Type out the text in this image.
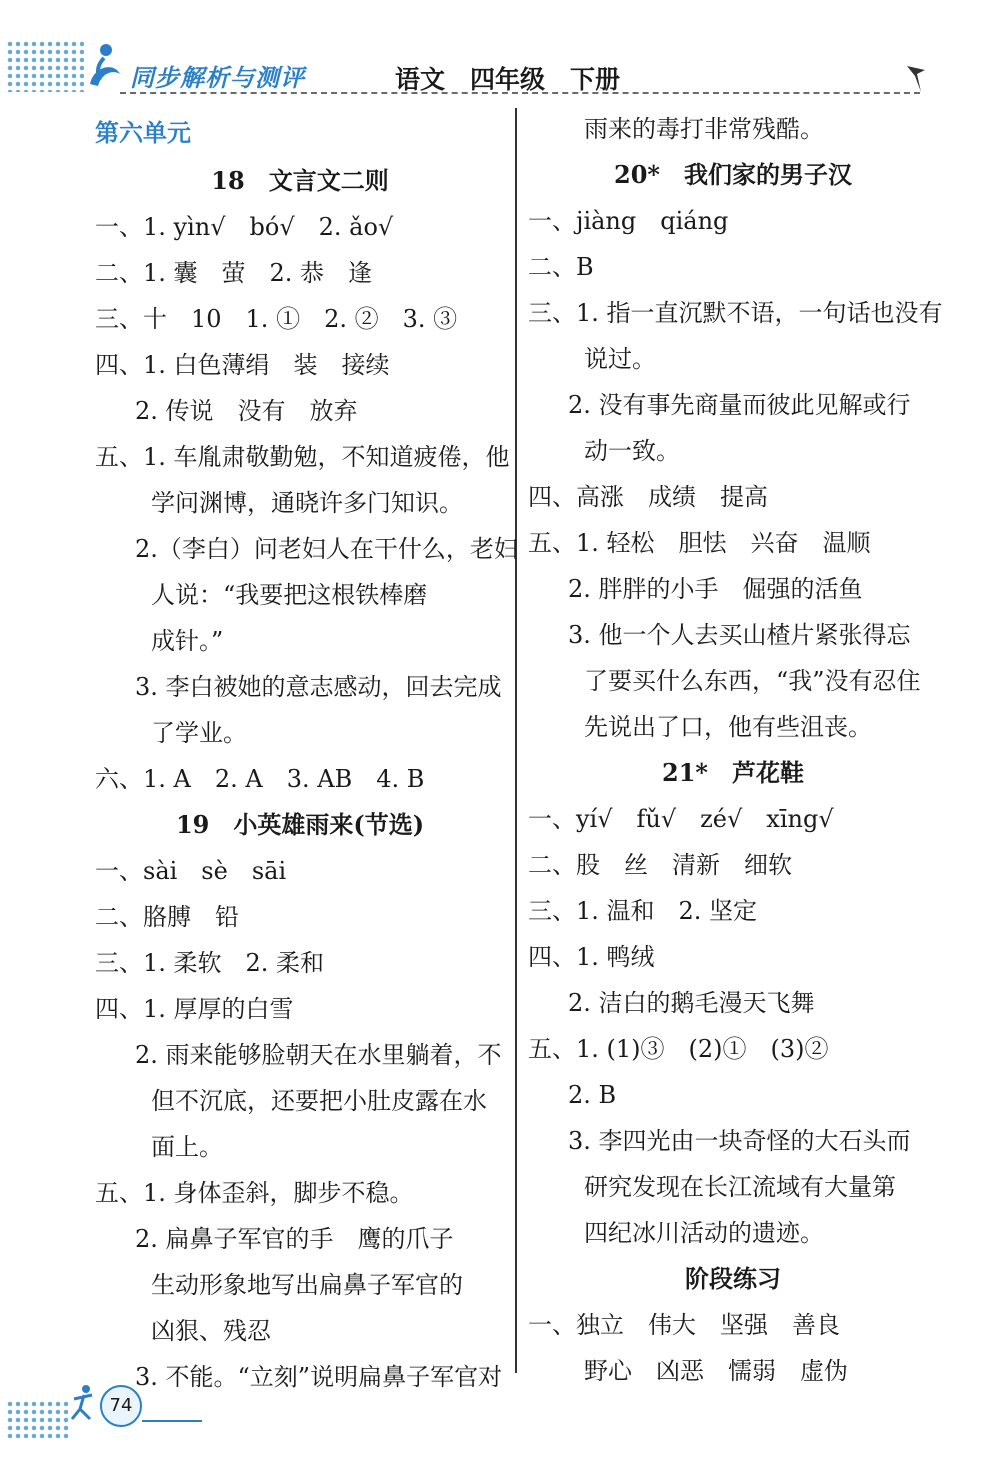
同步解析与测评	语文　四年级　下册
第六单元
18　文言文二则
一、1. yìn√　bó√　2. ǎo√
二、1. 囊　萤　2. 恭　逢
三、十　10　1. ①　2. ②　3. ③
四、1. 白色薄绢　装　接续
2. 传说　没有　放弃
五、1. 车胤肃敬勤勉，不知道疲倦，他
学问渊博，通晓许多门知识。
2.（李白）问老妇人在干什么，老妇
人说：“我要把这根铁棒磨
成针。”
3. 李白被她的意志感动，回去完成
了学业。
六、1. A　2. A　3. AB　4. B
19　小英雄雨来(节选)
一、sài　sè　sāi
二、胳膊　铅
三、1. 柔软　2. 柔和
四、1. 厚厚的白雪
2. 雨来能够脸朝天在水里躺着，不
但不沉底，还要把小肚皮露在水
面上。
五、1. 身体歪斜，脚步不稳。
2. 扁鼻子军官的手　鹰的爪子
生动形象地写出扁鼻子军官的
凶狠、残忍
3. 不能。“立刻”说明扁鼻子军官对
雨来的毒打非常残酷。
20*　我们家的男子汉
一、jiàng　qiáng
二、B
三、1. 指一直沉默不语，一句话也没有
说过。
2. 没有事先商量而彼此见解或行
动一致。
四、高涨　成绩　提高
五、1. 轻松　胆怯　兴奋　温顺
2. 胖胖的小手　倔强的活鱼
3. 他一个人去买山楂片紧张得忘
了要买什么东西，“我”没有忍住
先说出了口，他有些沮丧。
21*　芦花鞋
一、yí√　fǔ√　zé√　xīng√
二、股　丝　清新　细软
三、1. 温和　2. 坚定
四、1. 鸭绒
2. 洁白的鹅毛漫天飞舞
五、1. (1)③　(2)①　(3)②
2. B
3. 李四光由一块奇怪的大石头而
研究发现在长江流域有大量第
四纪冰川活动的遗迹。
阶段练习
一、独立　伟大　坚强　善良
野心　凶恶　懦弱　虚伪
74
